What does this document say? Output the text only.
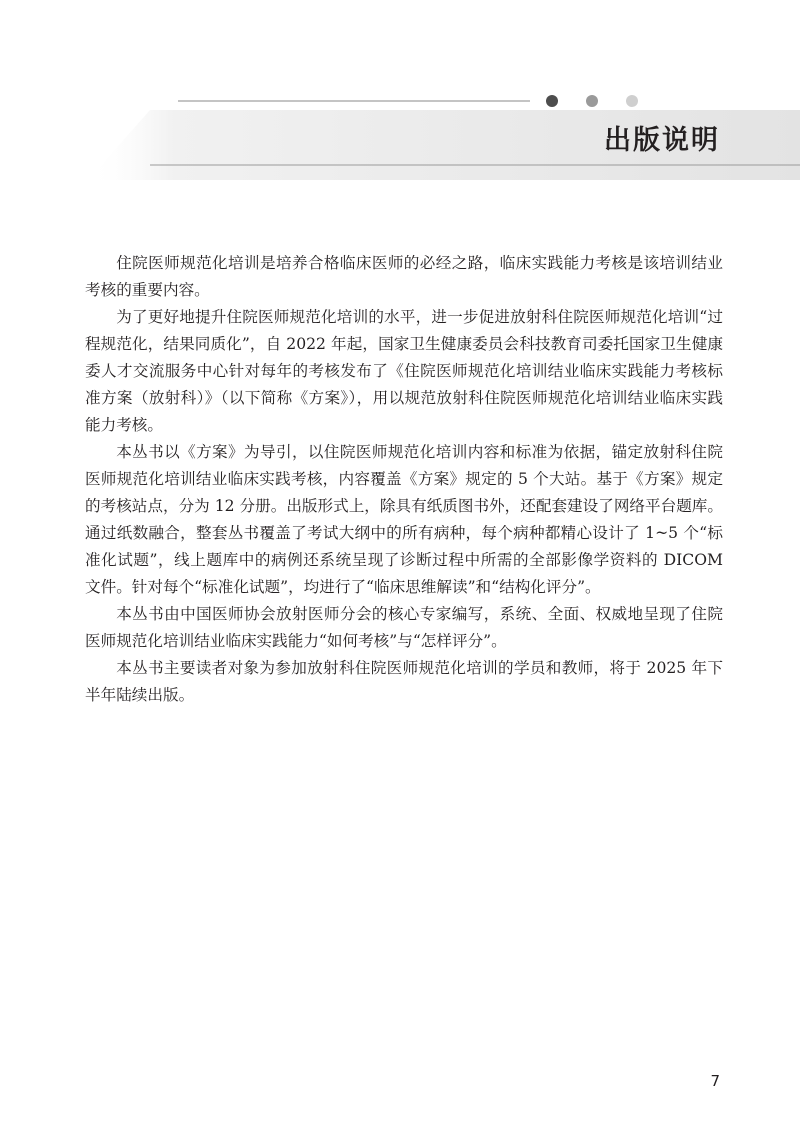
出版说明

住院医师规范化培训是培养合格临床医师的必经之路，临床实践能力考核是该培训结业考核的重要内容。

为了更好地提升住院医师规范化培训的水平，进一步促进放射科住院医师规范化培训“过程规范化，结果同质化”，自 2022 年起，国家卫生健康委员会科技教育司委托国家卫生健康委人才交流服务中心针对每年的考核发布了《住院医师规范化培训结业临床实践能力考核标准方案（放射科）》（以下简称《方案》），用以规范放射科住院医师规范化培训结业临床实践能力考核。

本丛书以《方案》为导引，以住院医师规范化培训内容和标准为依据，锚定放射科住院医师规范化培训结业临床实践考核，内容覆盖《方案》规定的 5 个大站。基于《方案》规定的考核站点，分为 12 分册。出版形式上，除具有纸质图书外，还配套建设了网络平台题库。通过纸数融合，整套丛书覆盖了考试大纲中的所有病种，每个病种都精心设计了 1~5 个“标准化试题”，线上题库中的病例还系统呈现了诊断过程中所需的全部影像学资料的 DICOM 文件。针对每个“标准化试题”，均进行了“临床思维解读”和“结构化评分”。

本丛书由中国医师协会放射医师分会的核心专家编写，系统、全面、权威地呈现了住院医师规范化培训结业临床实践能力“如何考核”与“怎样评分”。

本丛书主要读者对象为参加放射科住院医师规范化培训的学员和教师，将于 2025 年下半年陆续出版。

7
